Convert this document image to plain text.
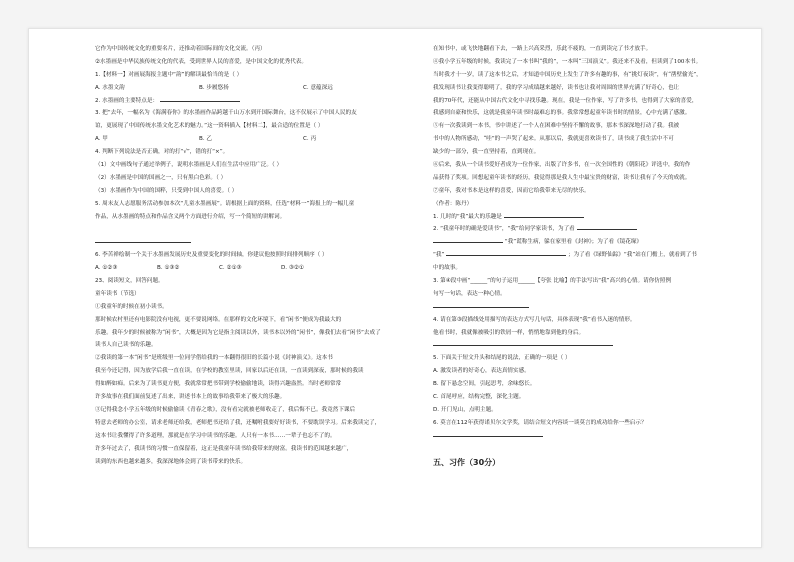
它作为中国传统文化的重要名片，还推动着国际间的文化交流。（丙）
②水墨画是中华民族传统文化的代表，受到世界人民的喜爱，是中国文化的优秀代表。
1.【材料一】对画展海报主题中“韵”的解读最恰当的是（ ）
A. 水墨文韵	B. 步履悠扬	C. 意蕴深远
2. 水墨画的主要特点是：
3. 把“去年，一幅名为《海满春你》的水墨画作品跨越千山万水到开国际舞台，这不仅展示了中国人民的友
谊，更展现了中国传统水墨文化艺术的魅力。”这一资料插入【材料二】，最合适的位置是（ ）
A. 甲	B. 乙	C. 丙
4. 判断下列说法是否正确，对的打“√”，错的打“×”。
（1）文中画线句子通过举例子，说明水墨画是人们在生活中应用广泛。（ ）
（2）水墨画是中国的国画之一，只有黑白色彩。（ ）
（3）水墨画作为中国的国粹，只受到中国人的喜爱。（ ）
5. 周末友人志愿服务活动参加本次“儿童水墨画展”。请根据上面的资料，任选“材料一”海报上的一幅儿童
作品，从水墨画的特点和作品含义两个方面进行介绍，写一个简短的讲解词。
6. 李苦禅绘制一个关于水墨画发展历史及重要变化的时间轴，你建议他按照时间排列顺序（ ）
A. ①②③	B. ①③②	C. ②①③	D. ③②①
23、阅读短文，回答问题。
童年读书（节选）
①我童年的时候在初小读书。
那时候农村里还有电影院没有电视，更不要说网络。在那样的文化环境下，看“闲书”便成为我最大的
乐趣。我年少的时候被称为“闲书”，大概是因为它是指主阅读以外，读书本以外的“闲书”，像我们去看“闲书”去成了
读书人自己读书的乐趣。
②我读的第一本“闲书”是班级里一位同学借给我的一本翻得很旧的长篇小说《封神演义》。这本书
我至今还记得，因为放学后我一直在读，在学校的教室里读，回家以后还在读，一直读到深夜，那时候的我读
得如醉如痴。后来为了读书更方便，我就常常把书带到学校偷偷地读，读得兴趣盎然。当时老师常常
许多故事在我们面前复述了出来，讲述书本上的故事给我带来了极大的乐趣。
③记得我念小学五年级的时候偷偷读《青春之歌》，没有看完就被老师收走了，我后悔不已。我竟然下课后
特意去老师的办公室，请求老师还给我，老师把书还给了我，还嘱咐我要好好读书，不要耽误学习。后来我读完了，
这本书让我懂得了许多道理，那就是在学习中读书的乐趣。人只有一本书……一辈子也忘不了的。
许多年过去了，我读书的习惯一直保留着，这正是我童年读书给我带来的财富。我读书的范围越来越广，
读到的东西也越来越多，我深深地体会到了读书带来的快乐。
在知书中，或飞快地翻看下去，一路上兴高采烈，乐此不疲的，一直到读完了书才放手。
④我小学五年级的时候，我读完了一本书叫“我的”，一本叫“三国演义”。我还来不及看，但读到了100本书。
当时我才十一岁，读了这本书之后，才知道中国历史上发生了许多有趣的事，有“挑灯夜读”，有“凿壁偷光”，
我发现读书让我变得聪明了，我的学习成绩越来越好，读书也让我对周围的世界充满了好奇心，也让
我的70年代，还能从中国古代文化中寻找乐趣。现在，我是一位作家，写了许多书，也得到了大家的喜爱，
我感到自豪和快乐，这就是我童年读书时最难忘的事。我常常想起童年读书时的情景，心中充满了感激。
⑤有一次我读到一本书，书中讲述了一个人在困难中坚持不懈的故事，那本书深深地打动了我。我被
书中的人物所感动，“哇”的一声哭了起来。从那以后，我就更喜欢读书了，读书成了我生活中不可
缺少的一部分，我一直坚持着，直到现在。
⑥后来，我从一个读书爱好者成为一位作家，出版了许多书，在一次全国性的《朝阳花》评选中，我的作
品获得了奖项。回想起童年读书的经历，我觉得那是我人生中最宝贵的财富，读书让我有了今天的成就。
⑦童年，我对书本是这样的喜爱，因而它给我带来无尽的快乐。
（作者：陈丹）
1. 几时的“我”最大的乐趣是
2. “我童年时的确是爱读书”，“我”给同学家读书，为了看
“我”谎称生病，躲在家里看《封神》；为了看《镜花缘》
“我”	；为了看《绿野仙踪》“我”站在门檐上，就看到了书
中的故事。
3. 第④段中画“______”的句子运用______【夸张 比喻】的手法写出“我”高兴的心情。请你仿照例
句写一句话，表达一种心情。
4. 请在第③段描线处用描写的表达方式写几句话，具体表现“我”看书入迷的情形。
他看书时，我就像被吸引的铁屑一样，悄悄地靠到他的身后。
5. 下面关于短文升头和结尾的说法，正确的一项是（ ）
A. 激发读者的好奇心，表达真情实感。
B. 留下悬念空间，引起思考，余味悠长。
C. 首尾呼应，结构完整，深化主题。
D. 开门见山，点明主题。
6. 莫言在112年获得诺贝尔文学奖，请结合短文内容谈一谈莫言的成功给你一些启示？
五、习作（30分）
